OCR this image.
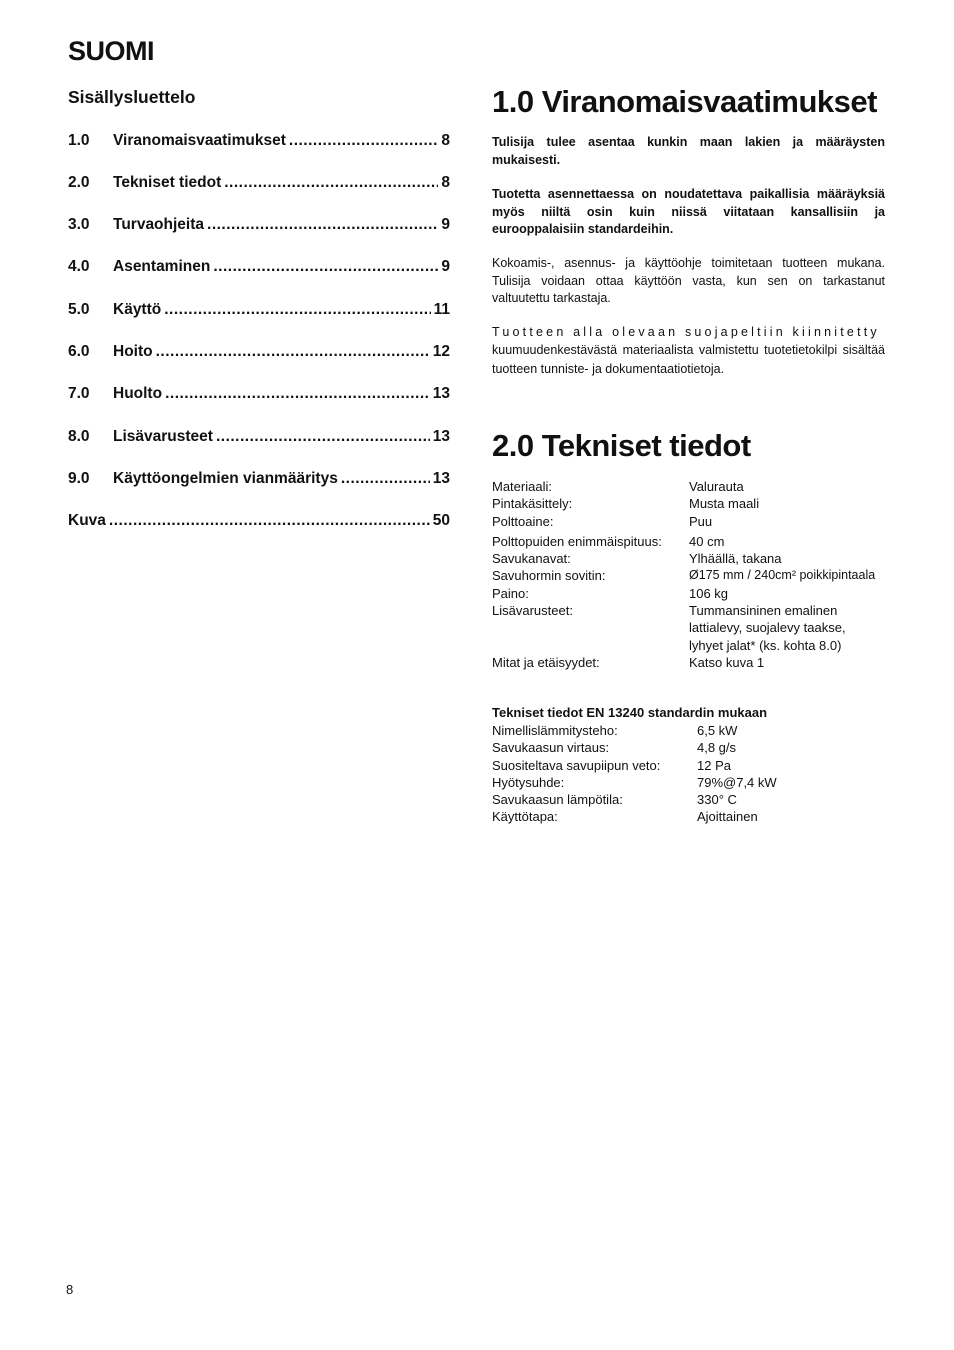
SUOMI
Sisällysluettelo
1.0	Viranomaisvaatimukset .....	8
2.0	Tekniset tiedot .....	8
3.0	Turvaohjeita .....	9
4.0	Asentaminen .....	9
5.0	Käyttö .....	11
6.0	Hoito .....	12
7.0	Huolto .....	13
8.0	Lisävarusteet .....	13
9.0	Käyttöongelmien vianmääritys .....	13
Kuva .....	50
1.0 Viranomaisvaatimukset

Tulisija tulee asentaa kunkin maan lakien ja määräysten mukaisesti.

Tuotetta asennettaessa on noudatettava paikallisia määräyksiä myös niiltä osin kuin niissä viitataan kansallisiin ja eurooppalaisiin standardeihin.

Kokoamis-, asennus- ja käyttöohje toimitetaan tuotteen mukana. Tulisija voidaan ottaa käyttöön vasta, kun sen on tarkastanut valtuutettu tarkastaja.

Tuotteen alla olevaan suojapeltiin kiinnitetty

kuumuudenkestävästä materiaalista valmistettu tuotetietokilpi sisältää tuotteen tunniste- ja dokumentaatiotietoja.

2.0 Tekniset tiedot
Materiaali:	Valurauta
Pintakäsittely:	Musta maali
Polttoaine:	Puu
Polttopuiden enimmäispituus:	40 cm
Savukanavat:	Ylhäällä, takana
Savuhormin sovitin:	Ø175 mm / 240cm² poikkipintaala
Paino:	106 kg
Lisävarusteet:	Tummansininen emalinen
lattialevy, suojalevy taakse,
lyhyet jalat* (ks. kohta 8.0)
Mitat ja etäisyydet:	Katso kuva 1
Tekniset tiedot EN 13240 standardin mukaan
Nimellislämmitysteho:	6,5 kW
Savukaasun virtaus:	4,8 g/s
Suositeltava savupiipun veto:	12 Pa
Hyötysuhde:	79%@7,4 kW
Savukaasun lämpötila:	330° C
Käyttötapa:	Ajoittainen
8
